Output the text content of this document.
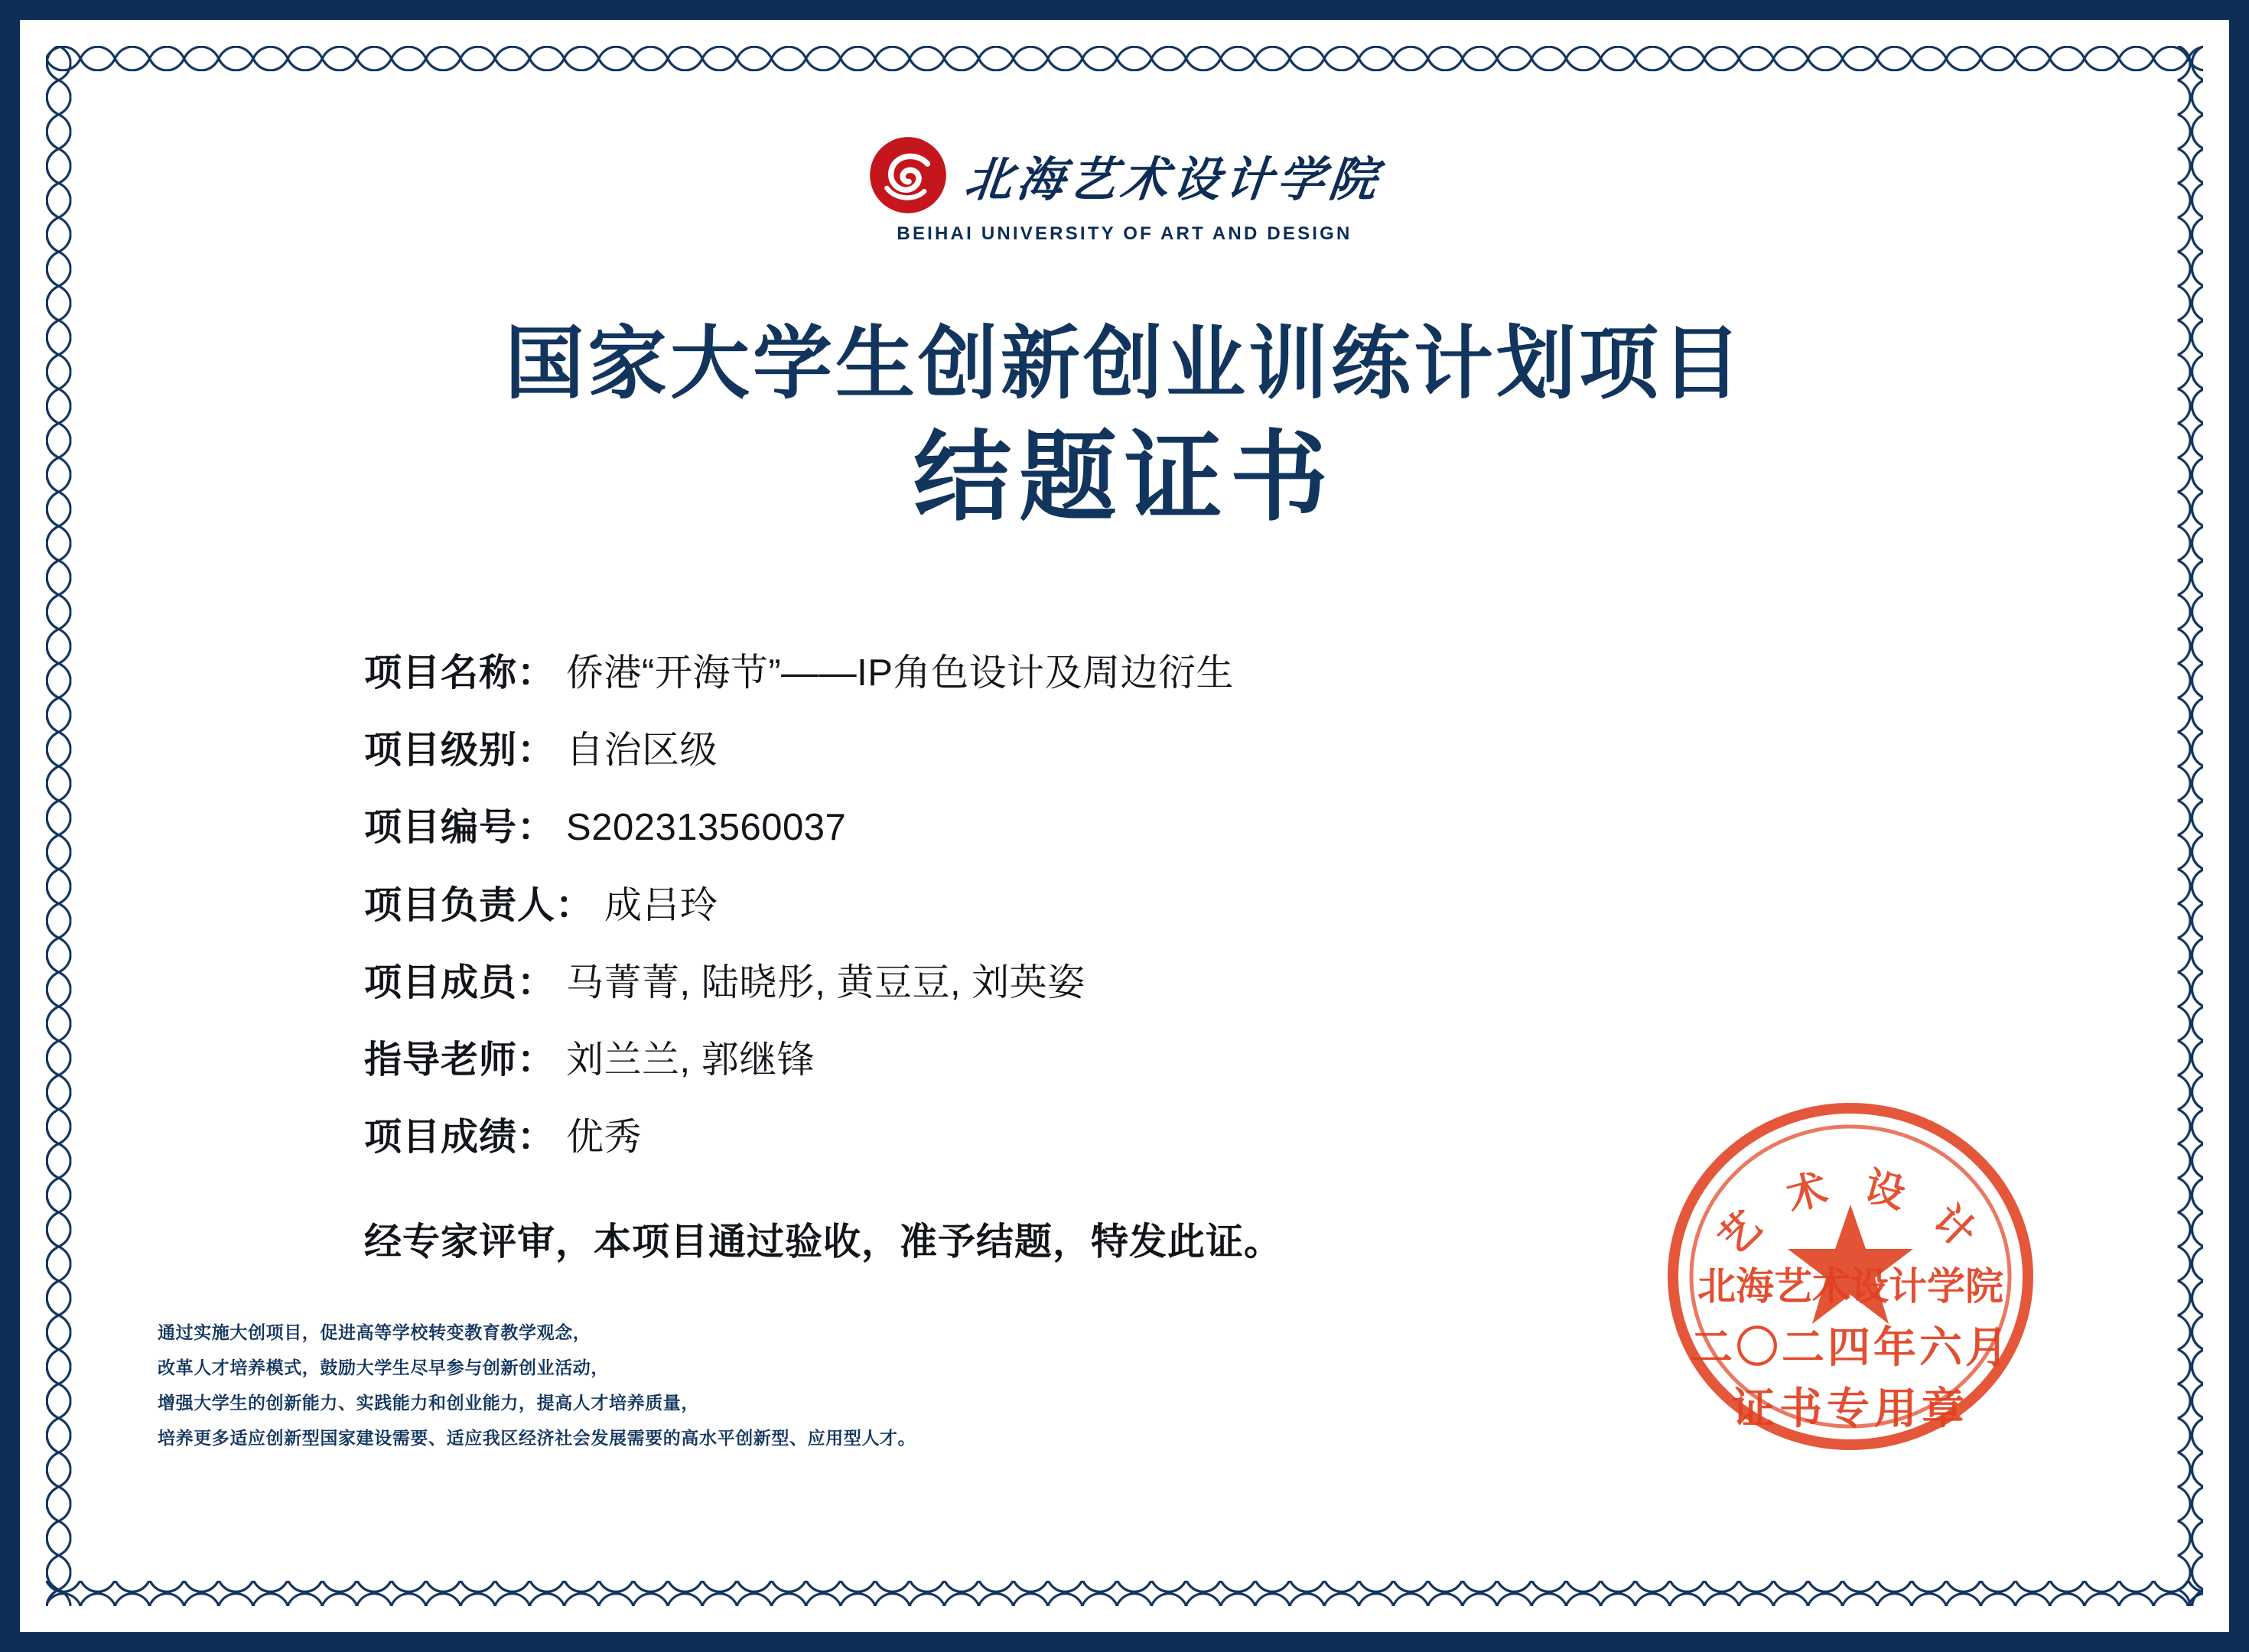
北海艺术设计学院
BEIHAI UNIVERSITY OF ART AND DESIGN
国家大学生创新创业训练计划项目
结题证书
项目名称： 侨港“开海节”——IP角色设计及周边衍生
项目级别： 自治区级
项目编号： S202313560037
项目负责人： 成吕玲
项目成员： 马菁菁, 陆晓彤, 黄豆豆, 刘英姿
指导老师： 刘兰兰, 郭继锋
项目成绩： 优秀
经专家评审，本项目通过验收，准予结题，特发此证。
通过实施大创项目，促进高等学校转变教育教学观念，
改革人才培养模式，鼓励大学生尽早参与创新创业活动，
增强大学生的创新能力、实践能力和创业能力，提高人才培养质量，
培养更多适应创新型国家建设需要、适应我区经济社会发展需要的高水平创新型、应用型人才。
艺 术 设 计
北海艺术设计学院
二〇二四年六月
证书专用章
